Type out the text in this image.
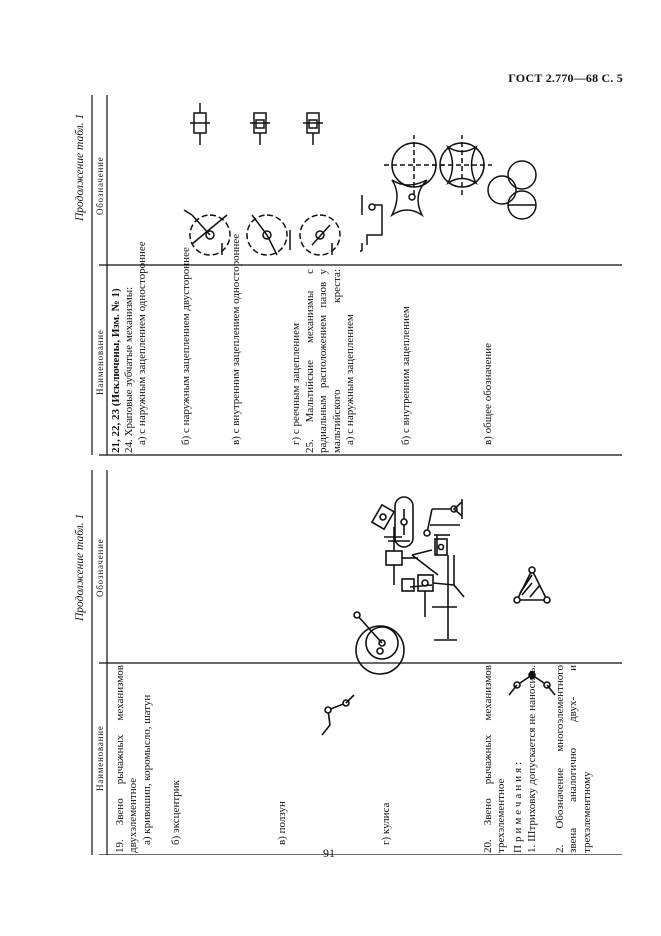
ГОСТ 2.770—68 С. 5
91
Продолжение табл. 1
Наименование
Обозначение
19. Звено рычажных механизмов двухэлементное а) кривошип, коромысло, шатун б) эксцентрик	в) ползун	г) кулиса	20. Звено рычажных механизмов трехэлементное Примечания: 1. Штриховку допускается не наносить. 2. Обозначение многоэлементного звена аналогично двух- и трехэлементному
Продолжение табл. 1
Наименование
Обозначение
21, 22, 23 (Исключены, Изм. № 1) 24. Храповые зубчатые механизмы: а) с наружным зацеплением одностороннее	б) с наружным зацеплением двустороннее	в) с внутренним зацеплением одностороннее	г) с реечным зацеплением 25. Мальтийские механизмы с радиальным расположением пазов у мальтийского креста: а) с наружным зацеплением	б) с внутренним зацеплением	в) общее обозначение
